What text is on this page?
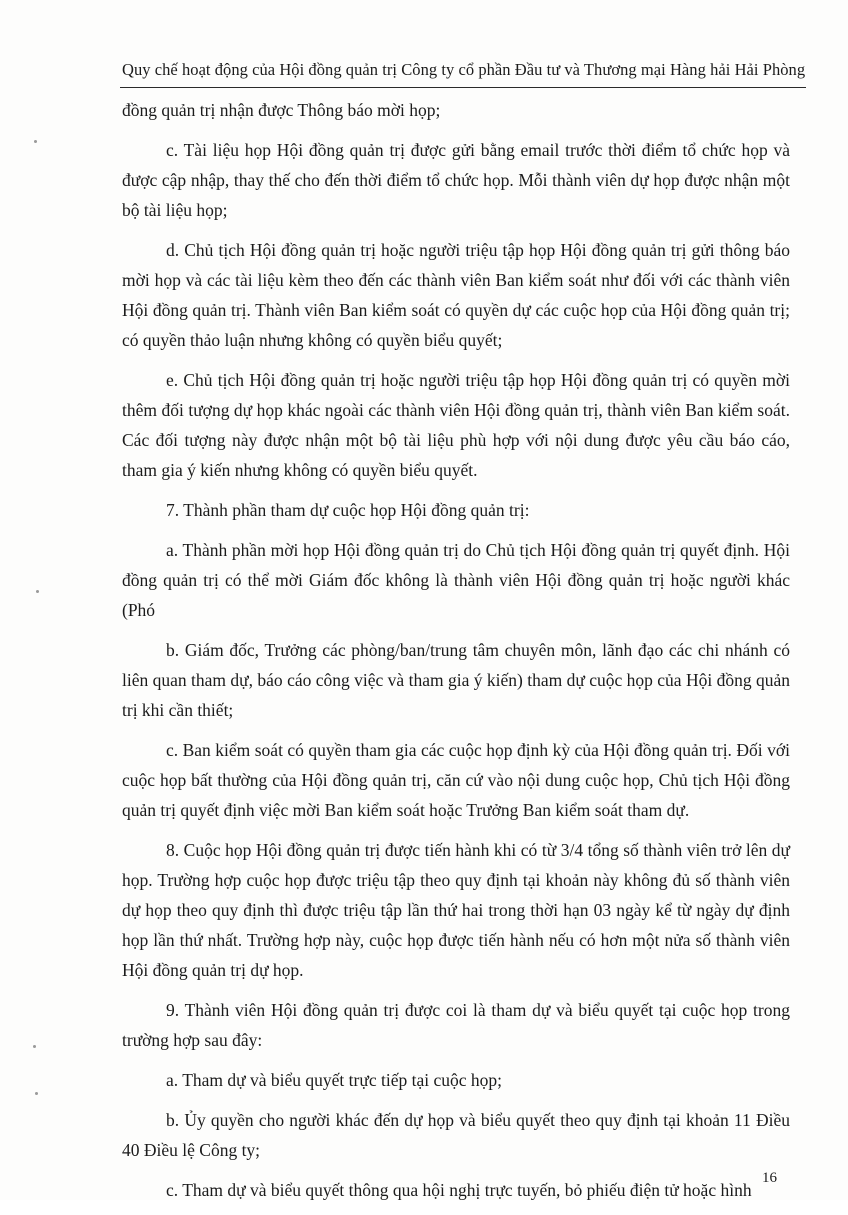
Quy chế hoạt động của Hội đồng quản trị Công ty cổ phần Đầu tư và Thương mại Hàng hải Hải Phòng

đồng quản trị nhận được Thông báo mời họp;

c. Tài liệu họp Hội đồng quản trị được gửi bằng email trước thời điểm tổ chức họp và được cập nhập, thay thế cho đến thời điểm tổ chức họp. Mỗi thành viên dự họp được nhận một bộ tài liệu họp;

d. Chủ tịch Hội đồng quản trị hoặc người triệu tập họp Hội đồng quản trị gửi thông báo mời họp và các tài liệu kèm theo đến các thành viên Ban kiểm soát như đối với các thành viên Hội đồng quản trị. Thành viên Ban kiểm soát có quyền dự các cuộc họp của Hội đồng quản trị; có quyền thảo luận nhưng không có quyền biểu quyết;

e. Chủ tịch Hội đồng quản trị hoặc người triệu tập họp Hội đồng quản trị có quyền mời thêm đối tượng dự họp khác ngoài các thành viên Hội đồng quản trị, thành viên Ban kiểm soát. Các đối tượng này được nhận một bộ tài liệu phù hợp với nội dung được yêu cầu báo cáo, tham gia ý kiến nhưng không có quyền biểu quyết.

7. Thành phần tham dự cuộc họp Hội đồng quản trị:

a. Thành phần mời họp Hội đồng quản trị do Chủ tịch Hội đồng quản trị quyết định. Hội đồng quản trị có thể mời Giám đốc không là thành viên Hội đồng quản trị hoặc người khác (Phó

b. Giám đốc, Trưởng các phòng/ban/trung tâm chuyên môn, lãnh đạo các chi nhánh có liên quan tham dự, báo cáo công việc và tham gia ý kiến) tham dự cuộc họp của Hội đồng quản trị khi cần thiết;

c. Ban kiểm soát có quyền tham gia các cuộc họp định kỳ của Hội đồng quản trị. Đối với cuộc họp bất thường của Hội đồng quản trị, căn cứ vào nội dung cuộc họp, Chủ tịch Hội đồng quản trị quyết định việc mời Ban kiểm soát hoặc Trưởng Ban kiểm soát tham dự.

8. Cuộc họp Hội đồng quản trị được tiến hành khi có từ 3/4 tổng số thành viên trở lên dự họp. Trường hợp cuộc họp được triệu tập theo quy định tại khoản này không đủ số thành viên dự họp theo quy định thì được triệu tập lần thứ hai trong thời hạn 03 ngày kể từ ngày dự định họp lần thứ nhất. Trường hợp này, cuộc họp được tiến hành nếu có hơn một nửa số thành viên Hội đồng quản trị dự họp.

9. Thành viên Hội đồng quản trị được coi là tham dự và biểu quyết tại cuộc họp trong trường hợp sau đây:

a. Tham dự và biểu quyết trực tiếp tại cuộc họp;

b. Ủy quyền cho người khác đến dự họp và biểu quyết theo quy định tại khoản 11 Điều 40 Điều lệ Công ty;

c. Tham dự và biểu quyết thông qua hội nghị trực tuyến, bỏ phiếu điện tử hoặc hình

16
